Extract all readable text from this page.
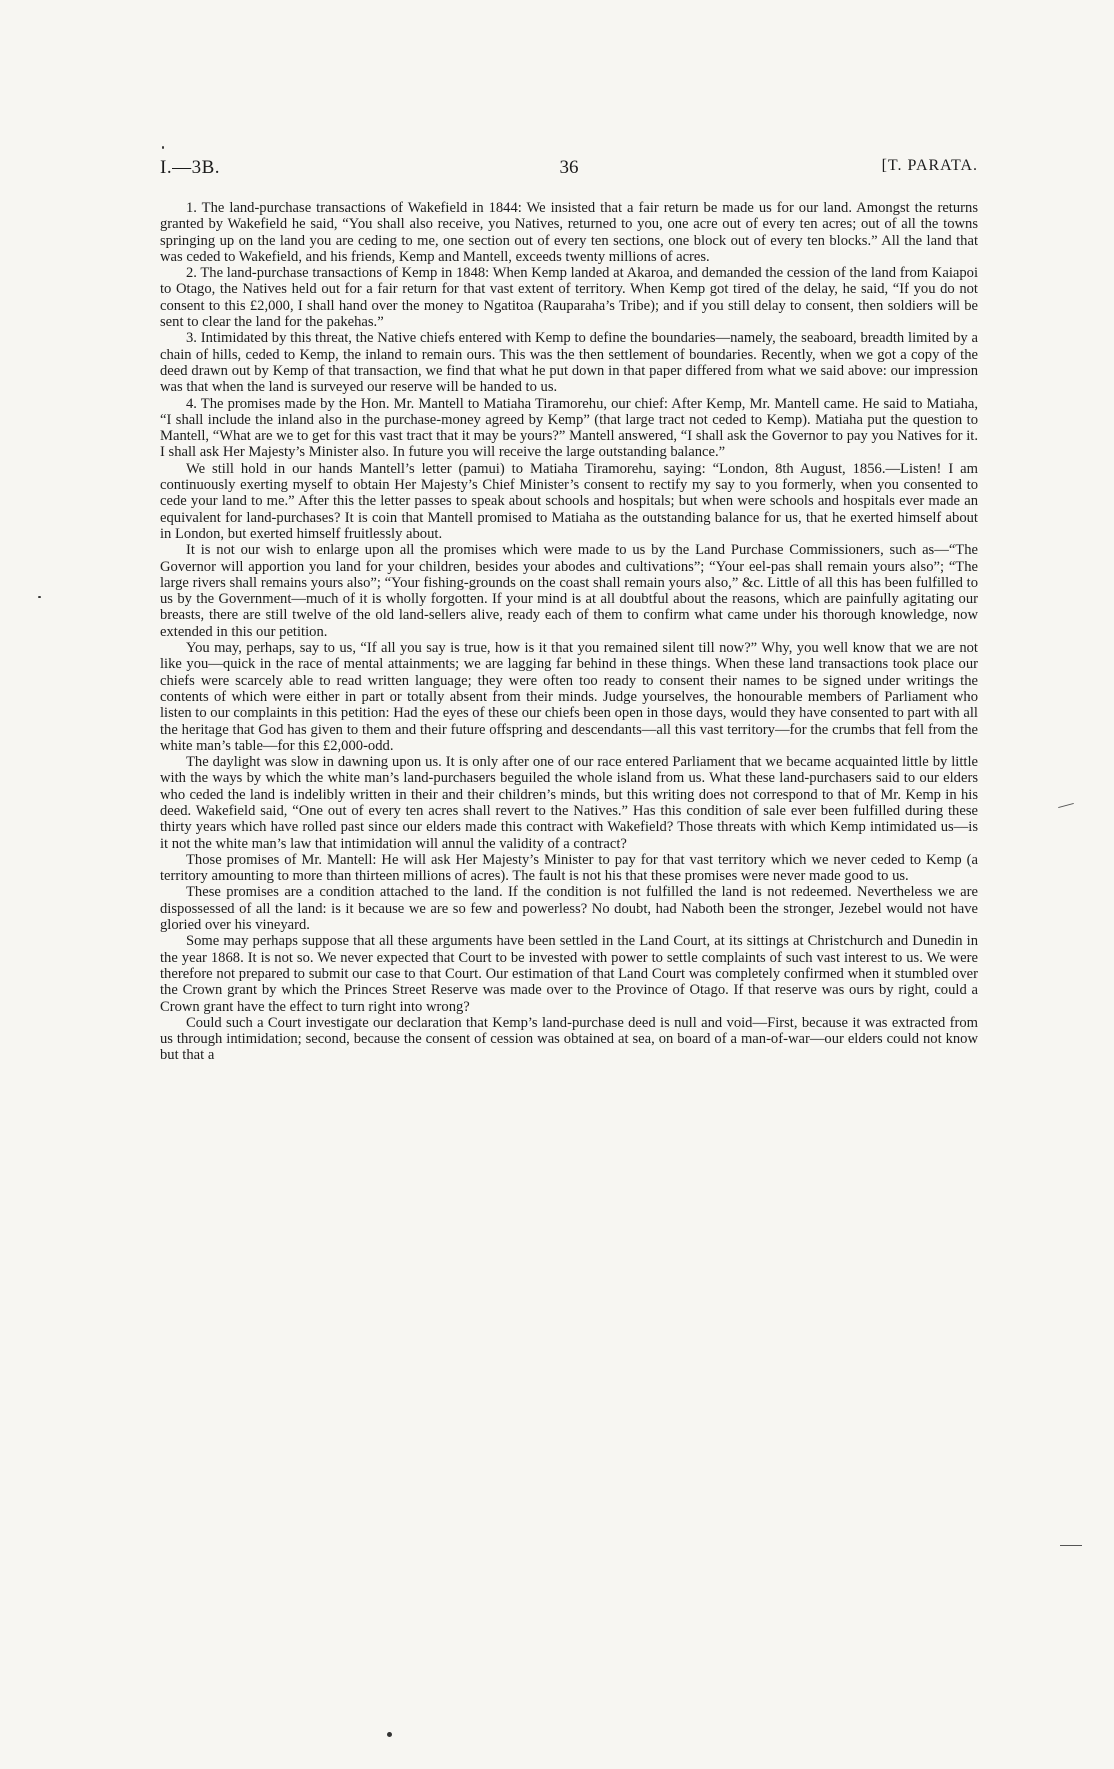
I.—3B.	36	[T. PARATA.

1. The land-purchase transactions of Wakefield in 1844: We insisted that a fair return be made us for our land. Amongst the returns granted by Wakefield he said, “You shall also receive, you Natives, returned to you, one acre out of every ten acres; out of all the towns springing up on the land you are ceding to me, one section out of every ten sections, one block out of every ten blocks.” All the land that was ceded to Wakefield, and his friends, Kemp and Mantell, exceeds twenty millions of acres.

2. The land-purchase transactions of Kemp in 1848: When Kemp landed at Akaroa, and demanded the cession of the land from Kaiapoi to Otago, the Natives held out for a fair return for that vast extent of territory. When Kemp got tired of the delay, he said, “If you do not consent to this £2,000, I shall hand over the money to Ngatitoa (Rauparaha’s Tribe); and if you still delay to consent, then soldiers will be sent to clear the land for the pakehas.”

3. Intimidated by this threat, the Native chiefs entered with Kemp to define the boundaries—namely, the seaboard, breadth limited by a chain of hills, ceded to Kemp, the inland to remain ours. This was the then settlement of boundaries. Recently, when we got a copy of the deed drawn out by Kemp of that transaction, we find that what he put down in that paper differed from what we said above: our impression was that when the land is surveyed our reserve will be handed to us.

4. The promises made by the Hon. Mr. Mantell to Matiaha Tiramorehu, our chief: After Kemp, Mr. Mantell came. He said to Matiaha, “I shall include the inland also in the purchase-money agreed by Kemp” (that large tract not ceded to Kemp). Matiaha put the question to Mantell, “What are we to get for this vast tract that it may be yours?” Mantell answered, “I shall ask the Governor to pay you Natives for it. I shall ask Her Majesty’s Minister also. In future you will receive the large outstanding balance.”

We still hold in our hands Mantell’s letter (pamui) to Matiaha Tiramorehu, saying: “London, 8th August, 1856.—Listen! I am continuously exerting myself to obtain Her Majesty’s Chief Minister’s consent to rectify my say to you formerly, when you consented to cede your land to me.” After this the letter passes to speak about schools and hospitals; but when were schools and hospitals ever made an equivalent for land-purchases? It is coin that Mantell promised to Matiaha as the outstanding balance for us, that he exerted himself about in London, but exerted himself fruitlessly about.

It is not our wish to enlarge upon all the promises which were made to us by the Land Purchase Commissioners, such as—“The Governor will apportion you land for your children, besides your abodes and cultivations”; “Your eel-pas shall remain yours also”; “The large rivers shall remains yours also”; “Your fishing-grounds on the coast shall remain yours also,” &c. Little of all this has been fulfilled to us by the Government—much of it is wholly forgotten. If your mind is at all doubtful about the reasons, which are painfully agitating our breasts, there are still twelve of the old land-sellers alive, ready each of them to confirm what came under his thorough knowledge, now extended in this our petition.

You may, perhaps, say to us, “If all you say is true, how is it that you remained silent till now?” Why, you well know that we are not like you—quick in the race of mental attainments; we are lagging far behind in these things. When these land transactions took place our chiefs were scarcely able to read written language; they were often too ready to consent their names to be signed under writings the contents of which were either in part or totally absent from their minds. Judge yourselves, the honourable members of Parliament who listen to our complaints in this petition: Had the eyes of these our chiefs been open in those days, would they have consented to part with all the heritage that God has given to them and their future offspring and descendants—all this vast territory—for the crumbs that fell from the white man’s table—for this £2,000-odd.

The daylight was slow in dawning upon us. It is only after one of our race entered Parliament that we became acquainted little by little with the ways by which the white man’s land-purchasers beguiled the whole island from us. What these land-purchasers said to our elders who ceded the land is indelibly written in their and their children’s minds, but this writing does not correspond to that of Mr. Kemp in his deed. Wakefield said, “One out of every ten acres shall revert to the Natives.” Has this condition of sale ever been fulfilled during these thirty years which have rolled past since our elders made this contract with Wakefield? Those threats with which Kemp intimidated us—is it not the white man’s law that intimidation will annul the validity of a contract?

Those promises of Mr. Mantell: He will ask Her Majesty’s Minister to pay for that vast territory which we never ceded to Kemp (a territory amounting to more than thirteen millions of acres). The fault is not his that these promises were never made good to us.

These promises are a condition attached to the land. If the condition is not fulfilled the land is not redeemed. Nevertheless we are dispossessed of all the land: is it because we are so few and powerless? No doubt, had Naboth been the stronger, Jezebel would not have gloried over his vineyard.

Some may perhaps suppose that all these arguments have been settled in the Land Court, at its sittings at Christchurch and Dunedin in the year 1868. It is not so. We never expected that Court to be invested with power to settle complaints of such vast interest to us. We were therefore not prepared to submit our case to that Court. Our estimation of that Land Court was completely confirmed when it stumbled over the Crown grant by which the Princes Street Reserve was made over to the Province of Otago. If that reserve was ours by right, could a Crown grant have the effect to turn right into wrong?

Could such a Court investigate our declaration that Kemp’s land-purchase deed is null and void—First, because it was extracted from us through intimidation; second, because the consent of cession was obtained at sea, on board of a man-of-war—our elders could not know but that a
